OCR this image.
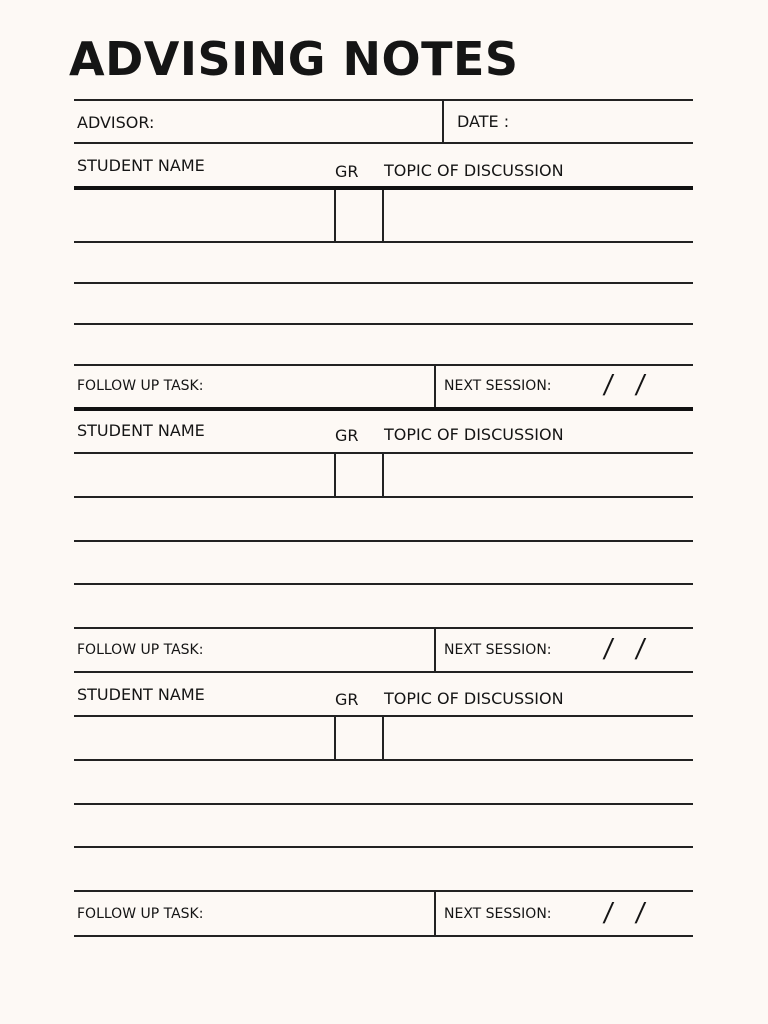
ADVISING NOTES
ADVISOR:	DATE :
STUDENT NAME	GR TOPIC OF DISCUSSION
FOLLOW UP TASK:	NEXT SESSION: / /
STUDENT NAME	GR TOPIC OF DISCUSSION
FOLLOW UP TASK:	NEXT SESSION: / /
STUDENT NAME	GR TOPIC OF DISCUSSION
FOLLOW UP TASK:	NEXT SESSION: / /
